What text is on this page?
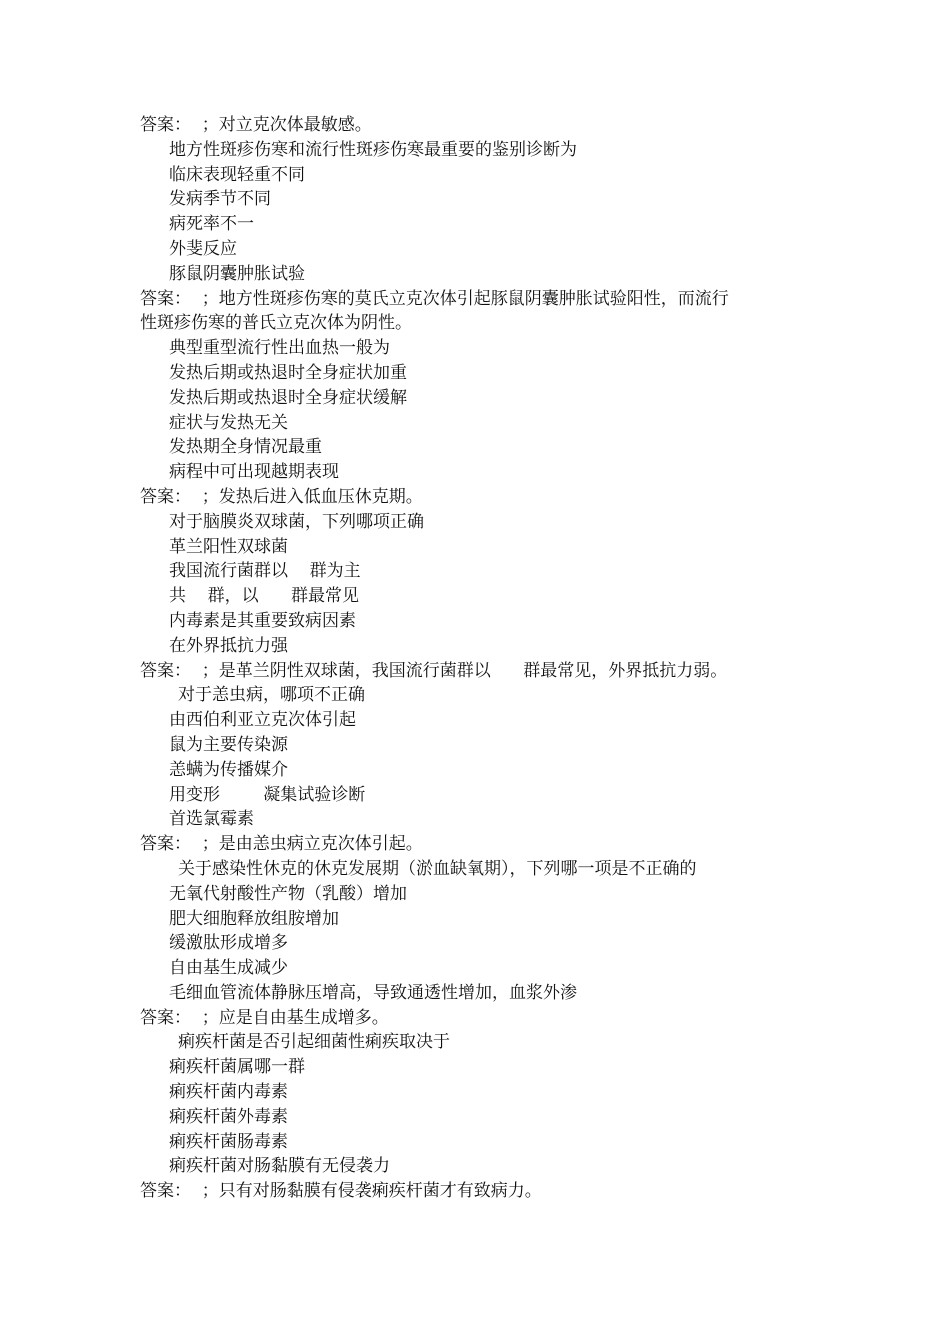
答案：  ；对立克次体最敏感。

地方性斑疹伤寒和流行性斑疹伤寒最重要的鉴别诊断为

临床表现轻重不同

发病季节不同

病死率不一

外斐反应

豚鼠阴囊肿胀试验

答案：  ；地方性斑疹伤寒的莫氏立克次体引起豚鼠阴囊肿胀试验阳性，而流行

性斑疹伤寒的普氏立克次体为阴性。

典型重型流行性出血热一般为

发热后期或热退时全身症状加重

发热后期或热退时全身症状缓解

症状与发热无关

发热期全身情况最重

病程中可出现越期表现

答案：  ；发热后进入低血压休克期。

对于脑膜炎双球菌，下列哪项正确

革兰阳性双球菌

我国流行菌群以    群为主

共    群，以      群最常见

内毒素是其重要致病因素

在外界抵抗力强

答案：  ；是革兰阴性双球菌，我国流行菌群以      群最常见，外界抵抗力弱。

对于恙虫病，哪项不正确

由西伯利亚立克次体引起

鼠为主要传染源

恙螨为传播媒介

用变形        凝集试验诊断

首选氯霉素

答案：  ；是由恙虫病立克次体引起。

关于感染性休克的休克发展期（淤血缺氧期），下列哪一项是不正确的

无氧代射酸性产物（乳酸）增加

肥大细胞释放组胺增加

缓激肽形成增多

自由基生成减少

毛细血管流体静脉压增高，导致通透性增加，血浆外渗

答案：  ；应是自由基生成增多。

痢疾杆菌是否引起细菌性痢疾取决于

痢疾杆菌属哪一群

痢疾杆菌内毒素

痢疾杆菌外毒素

痢疾杆菌肠毒素

痢疾杆菌对肠黏膜有无侵袭力

答案：  ；只有对肠黏膜有侵袭痢疾杆菌才有致病力。
